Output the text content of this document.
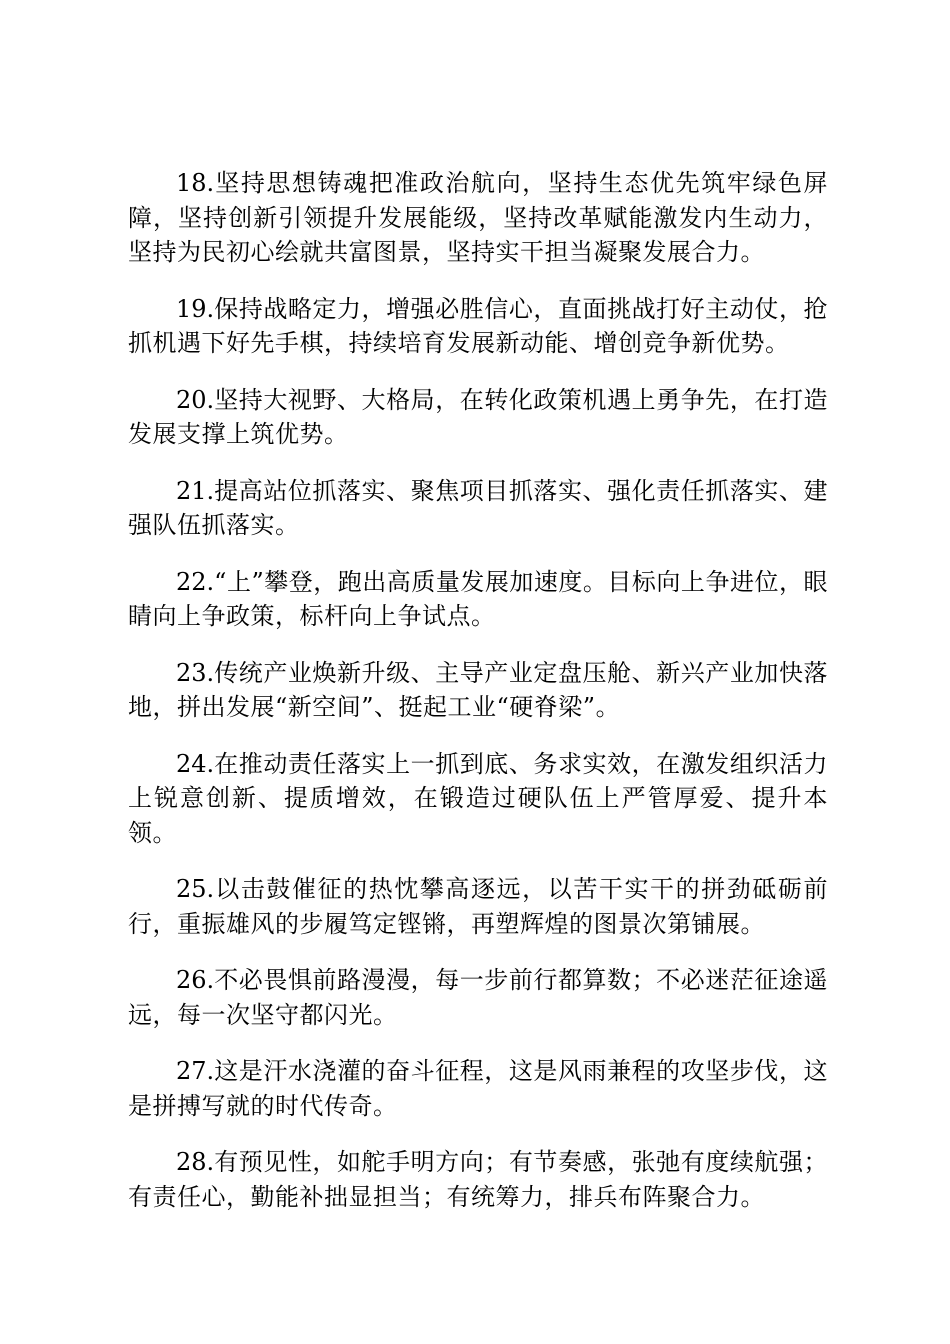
18.坚持思想铸魂把准政治航向，坚持生态优先筑牢绿色屏障，坚持创新引领提升发展能级，坚持改革赋能激发内生动力，坚持为民初心绘就共富图景，坚持实干担当凝聚发展合力。

19.保持战略定力，增强必胜信心，直面挑战打好主动仗，抢抓机遇下好先手棋，持续培育发展新动能、增创竞争新优势。

20.坚持大视野、大格局，在转化政策机遇上勇争先，在打造发展支撑上筑优势。

21.提高站位抓落实、聚焦项目抓落实、强化责任抓落实、建强队伍抓落实。

22.“上”攀登，跑出高质量发展加速度。目标向上争进位，眼睛向上争政策，标杆向上争试点。

23.传统产业焕新升级、主导产业定盘压舱、新兴产业加快落地，拼出发展“新空间”、挺起工业“硬脊梁”。

24.在推动责任落实上一抓到底、务求实效，在激发组织活力上锐意创新、提质增效，在锻造过硬队伍上严管厚爱、提升本领。

25.以击鼓催征的热忱攀高逐远，以苦干实干的拼劲砥砺前行，重振雄风的步履笃定铿锵，再塑辉煌的图景次第铺展。

26.不必畏惧前路漫漫，每一步前行都算数；不必迷茫征途遥远，每一次坚守都闪光。

27.这是汗水浇灌的奋斗征程，这是风雨兼程的攻坚步伐，这是拼搏写就的时代传奇。

28.有预见性，如舵手明方向；有节奏感，张弛有度续航强；有责任心，勤能补拙显担当；有统筹力，排兵布阵聚合力。
